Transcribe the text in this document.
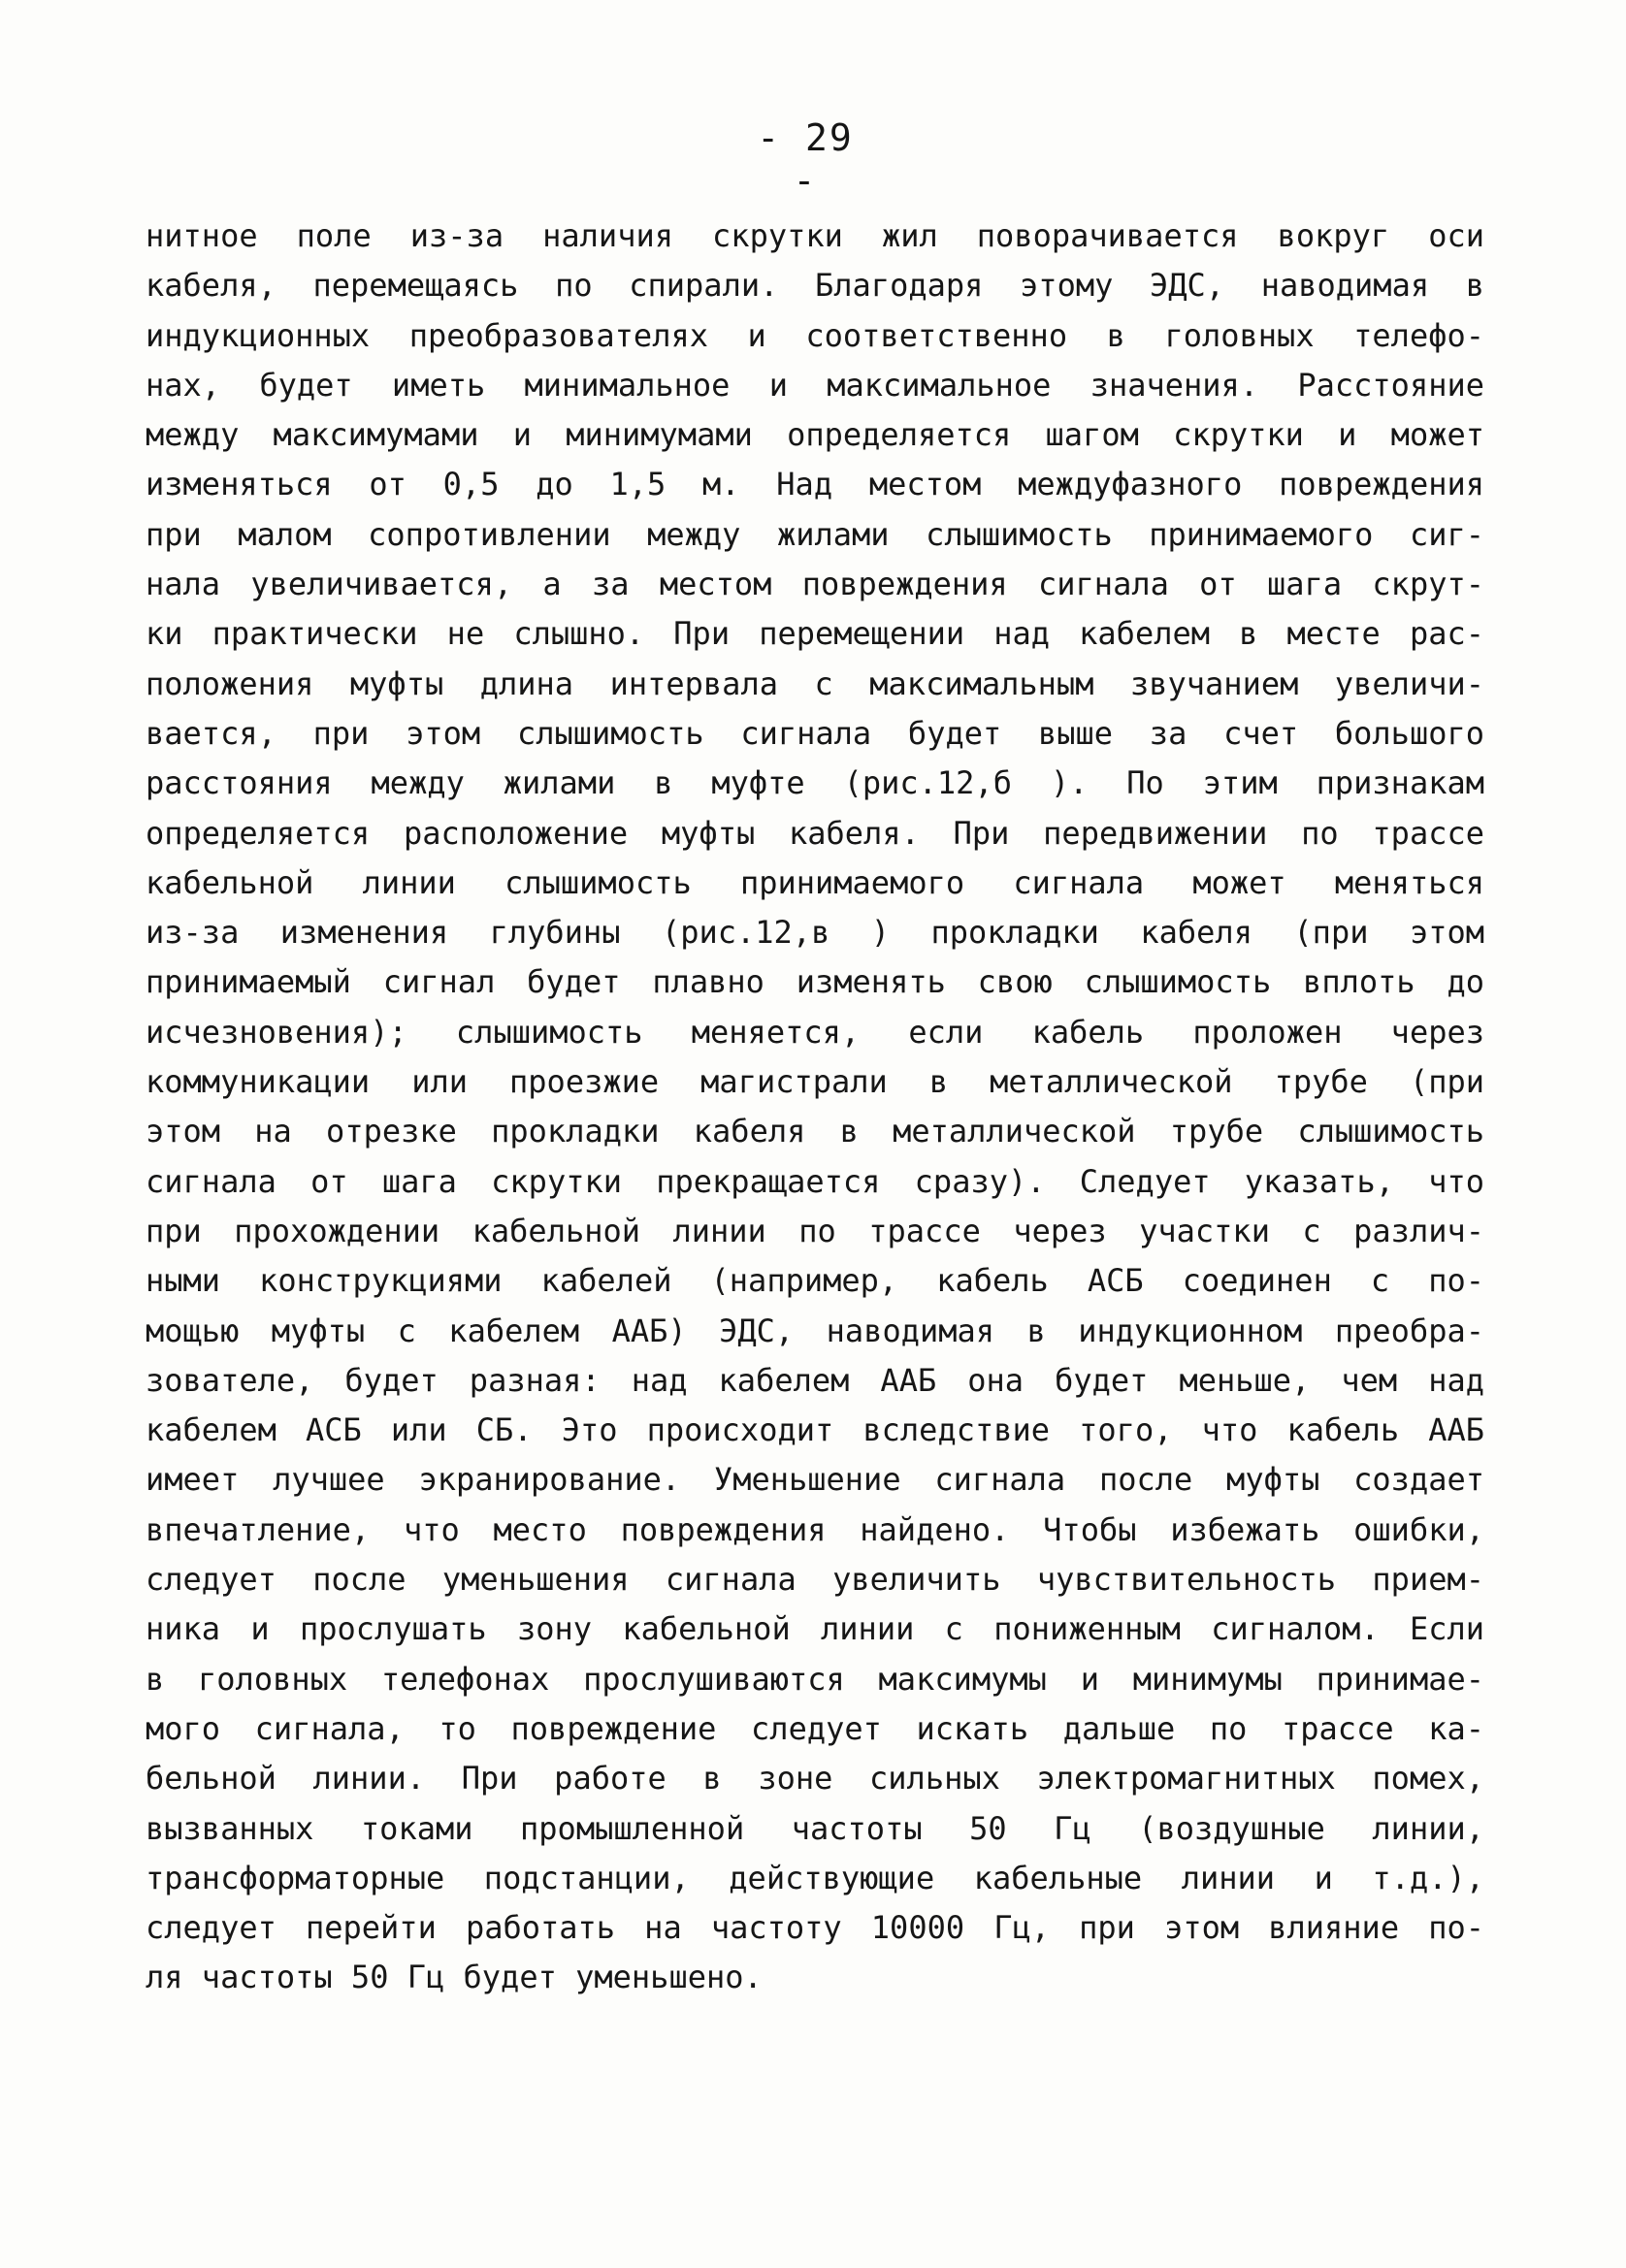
- 29 -
нитное поле из-за наличия скрутки жил поворачивается вокруг оси
кабеля, перемещаясь по спирали. Благодаря этому ЭДС, наводимая в
индукционных преобразователях и соответственно в головных телефо-
нах, будет иметь минимальное и максимальное значения. Расстояние
между максимумами и минимумами определяется шагом скрутки и может
изменяться от 0,5 до 1,5 м. Над местом междуфазного повреждения
при малом сопротивлении между жилами слышимость принимаемого сиг-
нала увеличивается, а за местом повреждения сигнала от шага скрут-
ки практически не слышно. При перемещении над кабелем в месте рас-
положения муфты длина интервала с максимальным звучанием увеличи-
вается, при этом слышимость сигнала будет выше за счет большого
расстояния между жилами в муфте (рис.12,б ). По этим признакам
определяется расположение муфты кабеля. При передвижении по трассе
кабельной линии слышимость принимаемого сигнала может меняться
из-за изменения глубины (рис.12,в ) прокладки кабеля (при этом
принимаемый сигнал будет плавно изменять свою слышимость вплоть до
исчезновения); слышимость меняется, если кабель проложен через
коммуникации или проезжие магистрали в металлической трубе (при
этом на отрезке прокладки кабеля в металлической трубе слышимость
сигнала от шага скрутки прекращается сразу). Следует указать, что
при прохождении кабельной линии по трассе через участки с различ-
ными конструкциями кабелей (например, кабель АСБ соединен с по-
мощью муфты с кабелем ААБ) ЭДС, наводимая в индукционном преобра-
зователе, будет разная: над кабелем ААБ она будет меньше, чем над
кабелем АСБ или СБ. Это происходит вследствие того, что кабель ААБ
имеет лучшее экранирование. Уменьшение сигнала после муфты создает
впечатление, что место повреждения найдено. Чтобы избежать ошибки,
следует после уменьшения сигнала увеличить чувствительность прием-
ника и прослушать зону кабельной линии с пониженным сигналом. Если
в головных телефонах прослушиваются максимумы и минимумы принимае-
мого сигнала, то повреждение следует искать дальше по трассе ка-
бельной линии. При работе в зоне сильных электромагнитных помех,
вызванных токами промышленной частоты 50 Гц (воздушные линии,
трансформаторные подстанции, действующие кабельные линии и т.д.),
следует перейти работать на частоту 10000 Гц, при этом влияние по-
ля частоты 50 Гц будет уменьшено.
